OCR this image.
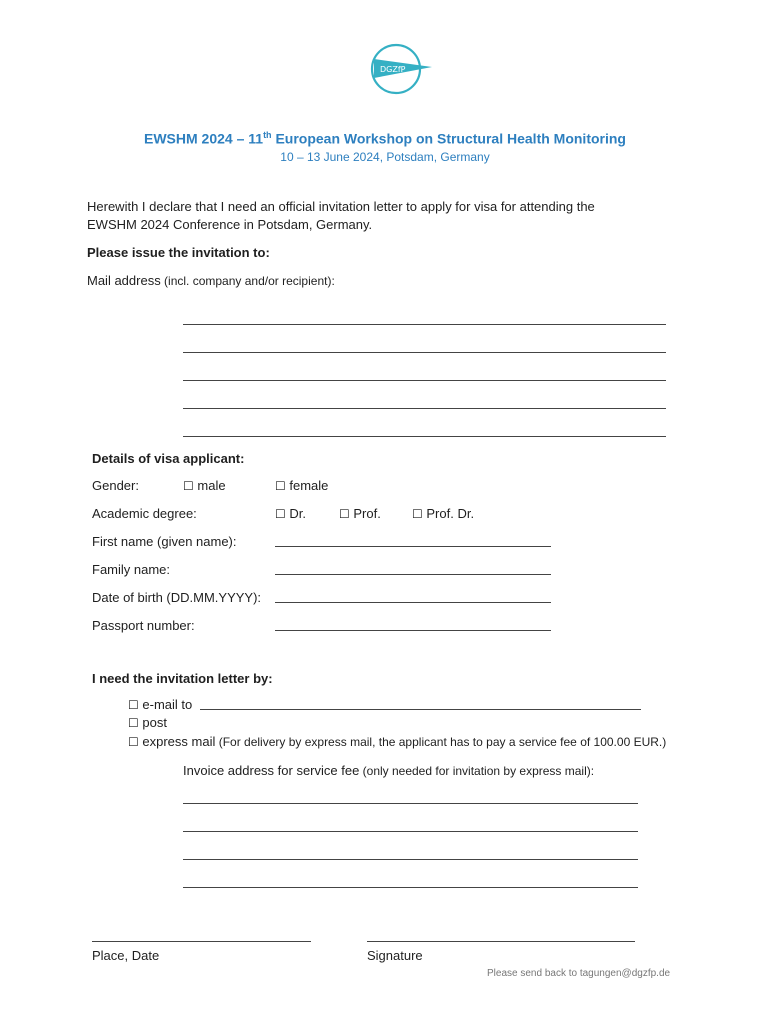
DGZfP
EWSHM 2024 – 11th European Workshop on Structural Health Monitoring
10 – 13 June 2024, Potsdam, Germany
Herewith I declare that I need an official invitation letter to apply for visa for attending the
EWSHM 2024 Conference in Potsdam, Germany.
Please issue the invitation to:
Mail address (incl. company and/or recipient):
Details of visa applicant:
Gender:	☐ male	☐ female
Academic degree:	☐ Dr.	☐ Prof.	☐ Prof. Dr.
First name (given name):
Family name:
Date of birth (DD.MM.YYYY):
Passport number:
I need the invitation letter by:
☐ e-mail to
☐ post
☐ express mail (For delivery by express mail, the applicant has to pay a service fee of 100.00 EUR.)
Invoice address for service fee (only needed for invitation by express mail):
Place, Date	Signature
Please send back to tagungen@dgzfp.de
